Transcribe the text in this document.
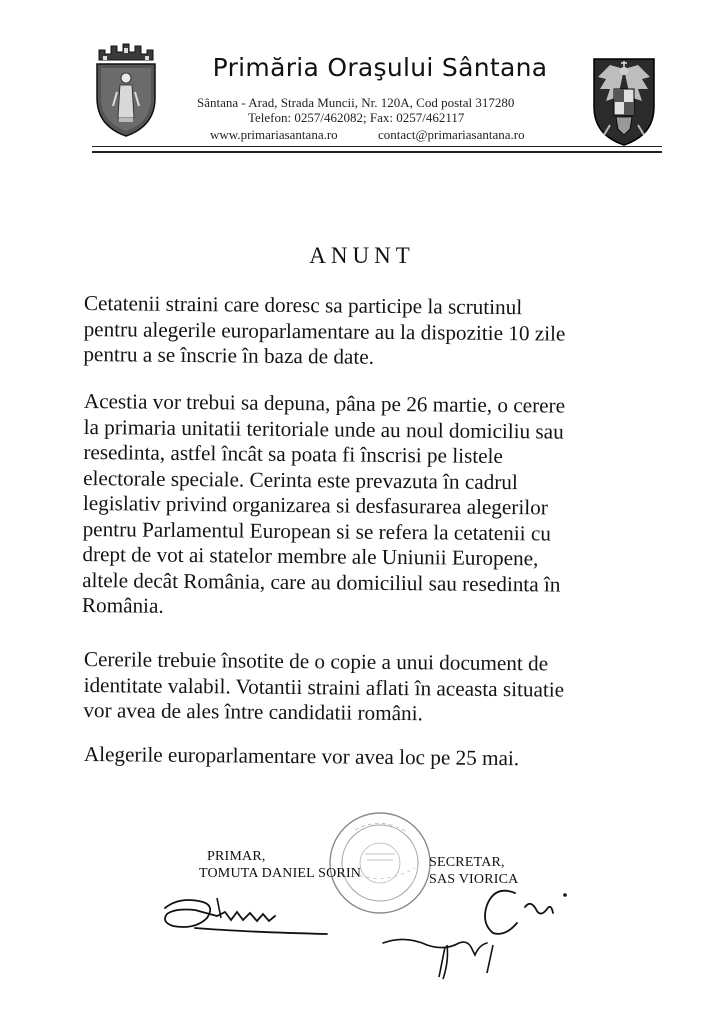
Primăria Oraşului Sântana
Sântana - Arad, Strada Muncii, Nr. 120A, Cod postal 317280
Telefon: 0257/462082; Fax: 0257/462117
www.primariasantana.ro	contact@primariasantana.ro
ANUNT
Cetatenii straini care doresc sa participe la scrutinul
pentru alegerile europarlamentare au la dispozitie 10 zile
pentru a se înscrie în baza de date.
Acestia vor trebui sa depuna, pâna pe 26 martie, o cerere
la primaria unitatii teritoriale unde au noul domiciliu sau
resedinta, astfel încât sa poata fi înscrisi pe listele
electorale speciale. Cerinta este prevazuta în cadrul
legislativ privind organizarea si desfasurarea alegerilor
pentru Parlamentul European si se refera la cetatenii cu
drept de vot ai statelor membre ale Uniunii Europene,
altele decât România, care au domiciliul sau resedinta în
România.
Cererile trebuie însotite de o copie a unui document de
identitate valabil. Votantii straini aflati în aceasta situatie
vor avea de ales între candidatii români.
Alegerile europarlamentare vor avea loc pe 25 mai.
PRIMAR,
TOMUTA DANIEL SORIN
SECRETAR,
SAS VIORICA
